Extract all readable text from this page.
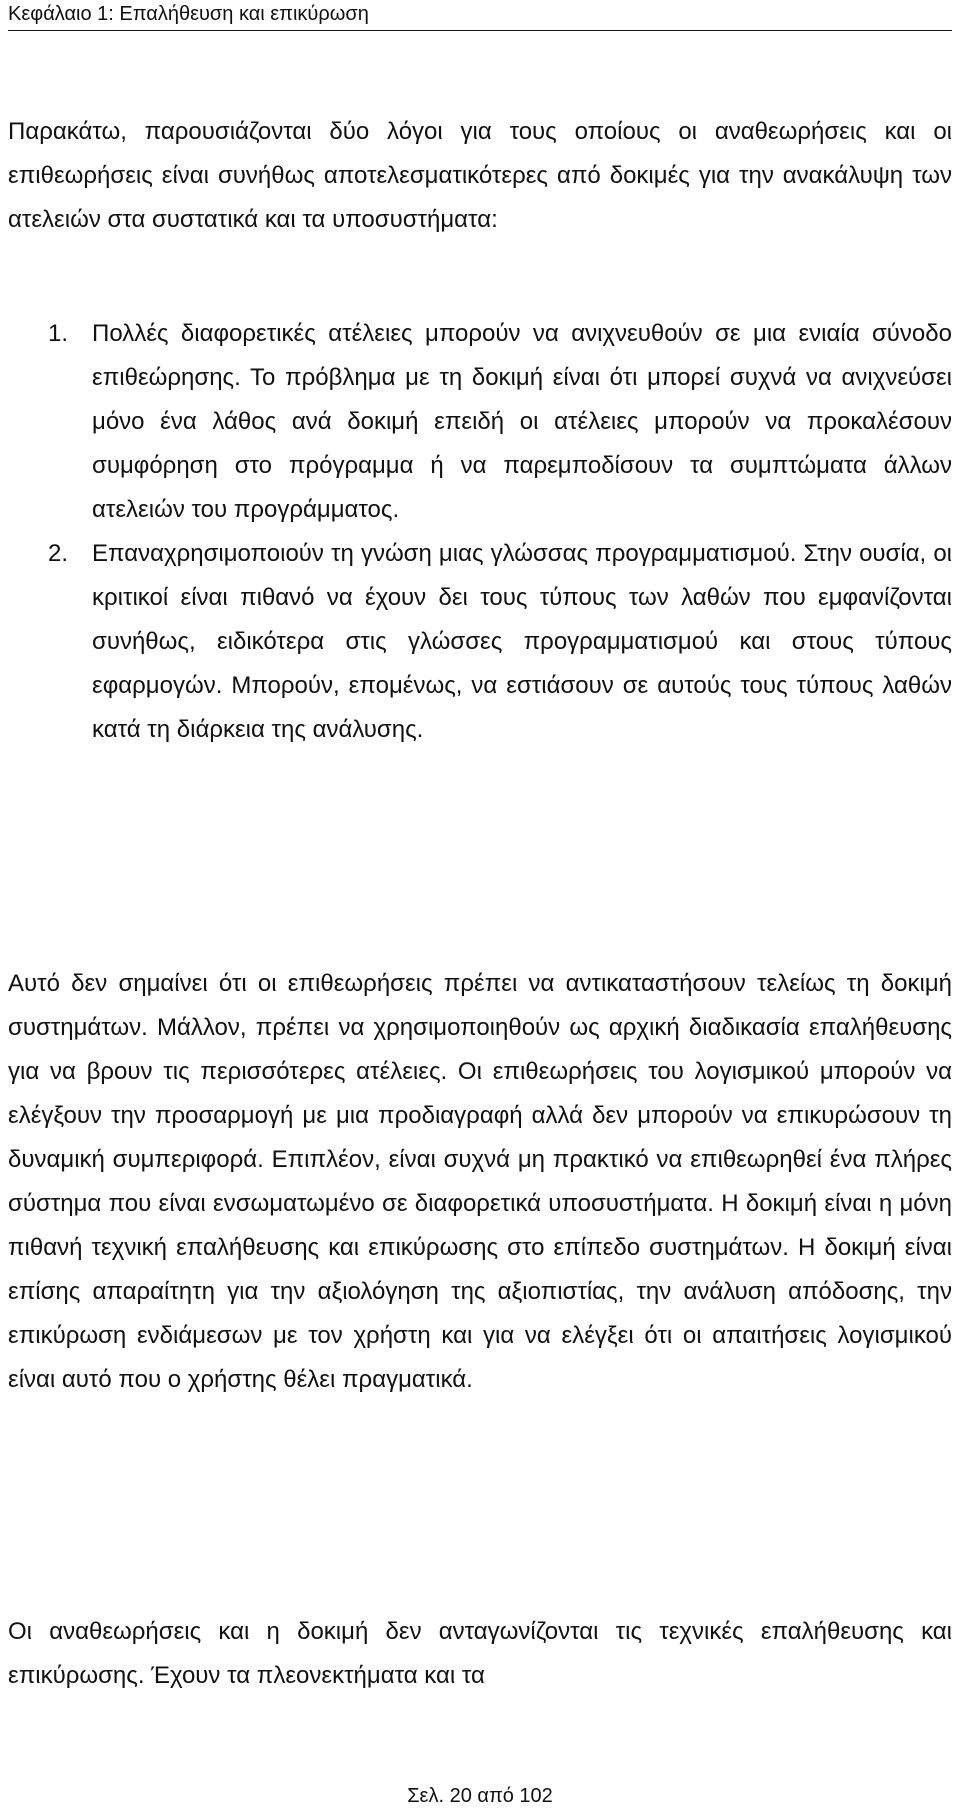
Κεφάλαιο 1: Επαλήθευση και επικύρωση

Παρακάτω, παρουσιάζονται δύο λόγοι για τους οποίους οι αναθεωρήσεις και οι επιθεωρήσεις είναι συνήθως αποτελεσματικότερες από δοκιμές για την ανακάλυψη των ατελειών στα συστατικά και τα υποσυστήματα:

1. Πολλές διαφορετικές ατέλειες μπορούν να ανιχνευθούν σε μια ενιαία σύνοδο επιθεώρησης. Το πρόβλημα με τη δοκιμή είναι ότι μπορεί συχνά να ανιχνεύσει μόνο ένα λάθος ανά δοκιμή επειδή οι ατέλειες μπορούν να προκαλέσουν συμφόρηση στο πρόγραμμα ή να παρεμποδίσουν τα συμπτώματα άλλων ατελειών του προγράμματος.
2. Επαναχρησιμοποιούν τη γνώση μιας γλώσσας προγραμματισμού. Στην ουσία, οι κριτικοί είναι πιθανό να έχουν δει τους τύπους των λαθών που εμφανίζονται συνήθως, ειδικότερα στις γλώσσες προγραμματισμού και στους τύπους εφαρμογών. Μπορούν, επομένως, να εστιάσουν σε αυτούς τους τύπους λαθών κατά τη διάρκεια της ανάλυσης.

Αυτό δεν σημαίνει ότι οι επιθεωρήσεις πρέπει να αντικαταστήσουν τελείως τη δοκιμή συστημάτων. Μάλλον, πρέπει να χρησιμοποιηθούν ως αρχική διαδικασία επαλήθευσης για να βρουν τις περισσότερες ατέλειες. Οι επιθεωρήσεις του λογισμικού μπορούν να ελέγξουν την προσαρμογή με μια προδιαγραφή αλλά δεν μπορούν να επικυρώσουν τη δυναμική συμπεριφορά. Επιπλέον, είναι συχνά μη πρακτικό να επιθεωρηθεί ένα πλήρες σύστημα που είναι ενσωματωμένο σε διαφορετικά υποσυστήματα. Η δοκιμή είναι η μόνη πιθανή τεχνική επαλήθευσης και επικύρωσης στο επίπεδο συστημάτων. Η δοκιμή είναι επίσης απαραίτητη για την αξιολόγηση της αξιοπιστίας, την ανάλυση απόδοσης, την επικύρωση ενδιάμεσων με τον χρήστη και για να ελέγξει ότι οι απαιτήσεις λογισμικού είναι αυτό που ο χρήστης θέλει πραγματικά.

Οι αναθεωρήσεις και η δοκιμή δεν ανταγωνίζονται τις τεχνικές επαλήθευσης και επικύρωσης. Έχουν τα πλεονεκτήματα και τα

Σελ. 20 από 102
